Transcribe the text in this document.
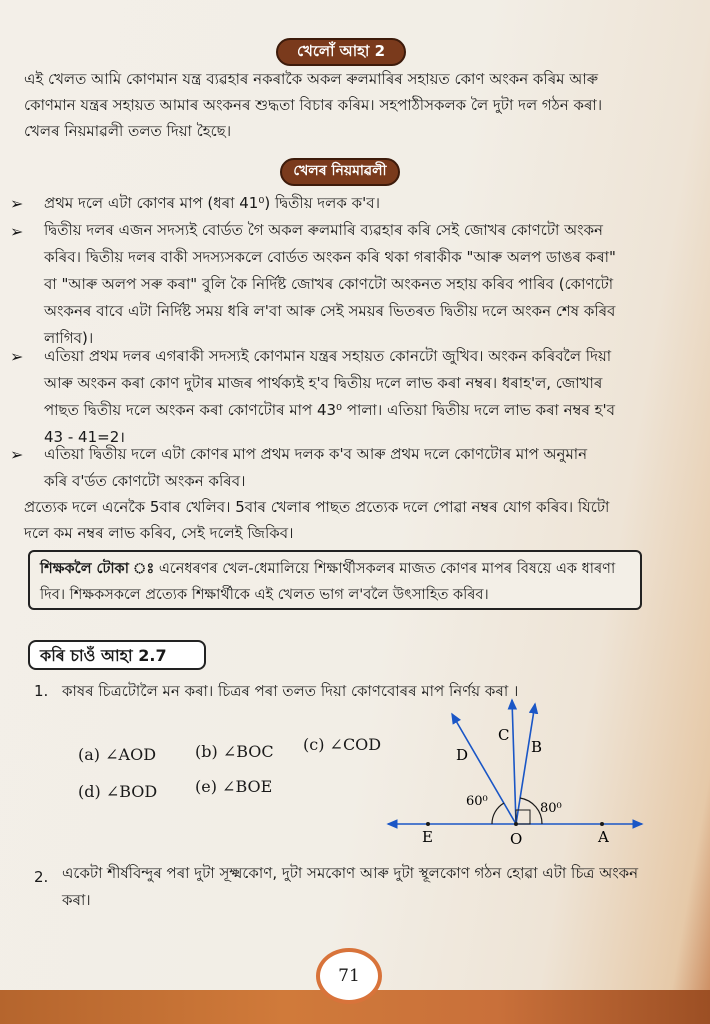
খেলোঁ আহা 2
এই খেলত আমি কোণমান যন্ত্ৰ ব্যৱহাৰ নকৰাকৈ অকল ৰুলমাৰিৰ সহায়ত কোণ অংকন কৰিম আৰু
কোণমান যন্ত্ৰৰ সহায়ত আমাৰ অংকনৰ শুদ্ধতা বিচাৰ কৰিম। সহপাঠীসকলক লৈ দুটা দল গঠন কৰা।
খেলৰ নিয়মাৱলী তলত দিয়া হৈছে।
খেলৰ নিয়মাৱলী
➢ প্ৰথম দলে এটা কোণৰ মাপ (ধৰা 41⁰) দ্বিতীয় দলক ক'ব।
➢ দ্বিতীয় দলৰ এজন সদস্যই বোৰ্ডত গৈ অকল ৰুলমাৰি ব্যৱহাৰ কৰি সেই জোখৰ কোণটো অংকন
কৰিব। দ্বিতীয় দলৰ বাকী সদস্যসকলে বোৰ্ডত অংকন কৰি থকা গৰাকীক "আৰু অলপ ডাঙৰ কৰা"
বা "আৰু অলপ সৰু কৰা" বুলি কৈ নিৰ্দিষ্ট জোখৰ কোণটো অংকনত সহায় কৰিব পাৰিব (কোণটো
অংকনৰ বাবে এটা নিৰ্দিষ্ট সময় ধৰি ল'বা আৰু সেই সময়ৰ ভিতৰত দ্বিতীয় দলে অংকন শেষ কৰিব
লাগিব)।
➢ এতিয়া প্ৰথম দলৰ এগৰাকী সদস্যই কোণমান যন্ত্ৰৰ সহায়ত কোনটো জুখিব। অংকন কৰিবলৈ দিয়া
আৰু অংকন কৰা কোণ দুটাৰ মাজৰ পাৰ্থক্যই হ'ব দ্বিতীয় দলে লাভ কৰা নম্বৰ। ধৰাহ'ল, জোখাৰ
পাছত দ্বিতীয় দলে অংকন কৰা কোণটোৰ মাপ 43⁰ পালা। এতিয়া দ্বিতীয় দলে লাভ কৰা নম্বৰ হ'ব
43 - 41=2।
➢ এতিয়া দ্বিতীয় দলে এটা কোণৰ মাপ প্ৰথম দলক ক'ব আৰু প্ৰথম দলে কোণটোৰ মাপ অনুমান
কৰি ব'ৰ্ডত কোণটো অংকন কৰিব।
প্ৰত্যেক দলে এনেকৈ 5বাৰ খেলিব। 5বাৰ খেলাৰ পাছত প্ৰত্যেক দলে পোৱা নম্বৰ যোগ কৰিব। যিটো
দলে কম নম্বৰ লাভ কৰিব, সেই দলেই জিকিব।
শিক্ষকলৈ টোকা ঃ এনেধৰণৰ খেল-ধেমালিয়ে শিক্ষাৰ্থীসকলৰ মাজত কোণৰ মাপৰ বিষয়ে এক ধাৰণা
দিব। শিক্ষকসকলে প্ৰত্যেক শিক্ষাৰ্থীকে এই খেলত ভাগ ল'বলৈ উৎসাহিত কৰিব।
কৰি চাওঁ আহা 2.7
1. কাষৰ চিত্ৰটোলৈ মন কৰা। চিত্ৰৰ পৰা তলত দিয়া কোণবোৰৰ মাপ নিৰ্ণয় কৰা ।
(a) ∠AOD (b) ∠BOC (c) ∠COD
(d) ∠BOD (e) ∠BOE
D
C
B
E	O	A
60⁰	80⁰
2. একেটা শীৰ্ষবিন্দুৰ পৰা দুটা সূক্ষ্মকোণ, দুটা সমকোণ আৰু দুটা স্থূলকোণ গঠন হোৱা এটা চিত্ৰ অংকন
কৰা।
71
